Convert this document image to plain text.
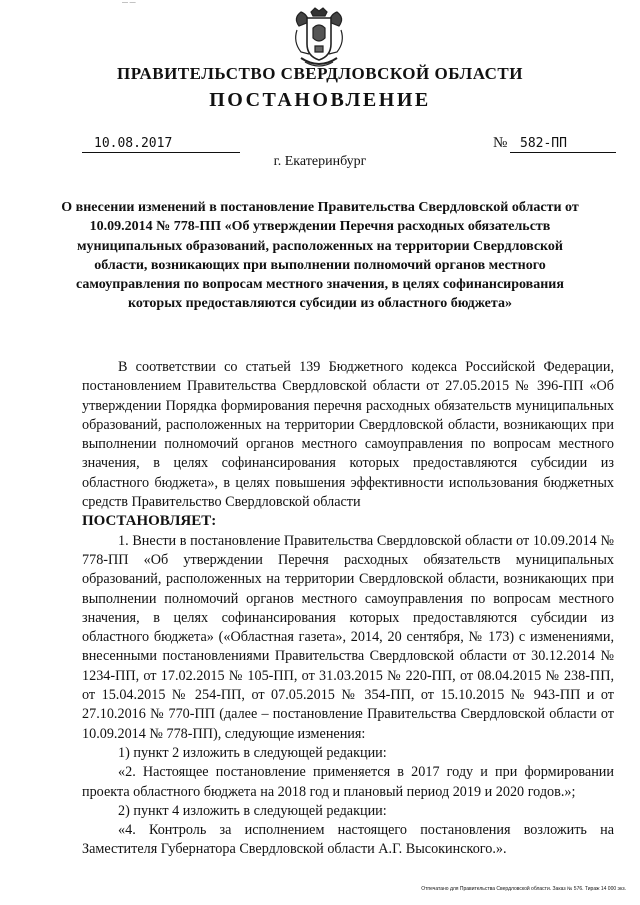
— —
ПРАВИТЕЛЬСТВО СВЕРДЛОВСКОЙ ОБЛАСТИ
ПОСТАНОВЛЕНИЕ
10.08.2017	№ 582-ПП
г. Екатеринбург
О внесении изменений в постановление Правительства Свердловской области от 10.09.2014 № 778-ПП «Об утверждении Перечня расходных обязательств муниципальных образований, расположенных на территории Свердловской области, возникающих при выполнении полномочий органов местного самоуправления по вопросам местного значения, в целях софинансирования которых предоставляются субсидии из областного бюджета»

В соответствии со статьей 139 Бюджетного кодекса Российской Федерации, постановлением Правительства Свердловской области от 27.05.2015 № 396-ПП «Об утверждении Порядка формирования перечня расходных обязательств муниципальных образований, расположенных на территории Свердловской области, возникающих при выполнении полномочий органов местного самоуправления по вопросам местного значения, в целях софинансирования которых предоставляются субсидии из областного бюджета», в целях повышения эффективности использования бюджетных средств Правительство Свердловской области

ПОСТАНОВЛЯЕТ:

1. Внести в постановление Правительства Свердловской области от 10.09.2014 № 778-ПП «Об утверждении Перечня расходных обязательств муниципальных образований, расположенных на территории Свердловской области, возникающих при выполнении полномочий органов местного самоуправления по вопросам местного значения, в целях софинансирования которых предоставляются субсидии из областного бюджета» («Областная газета», 2014, 20 сентября, № 173) с изменениями, внесенными постановлениями Правительства Свердловской области от 30.12.2014 № 1234-ПП, от 17.02.2015 № 105-ПП, от 31.03.2015 № 220-ПП, от 08.04.2015 № 238-ПП, от 15.04.2015 № 254-ПП, от 07.05.2015 № 354-ПП, от 15.10.2015 № 943-ПП и от 27.10.2016 № 770-ПП (далее – постановление Правительства Свердловской области от 10.09.2014 № 778-ПП), следующие изменения:

1) пункт 2 изложить в следующей редакции:

«2. Настоящее постановление применяется в 2017 году и при формировании проекта областного бюджета на 2018 год и плановый период 2019 и 2020 годов.»;

2) пункт 4 изложить в следующей редакции:

«4. Контроль за исполнением настоящего постановления возложить на Заместителя Губернатора Свердловской области А.Г. Высокинского.».

Отпечатано для Правительства Свердловской области. Заказ № 576. Тираж 14 000 экз.
